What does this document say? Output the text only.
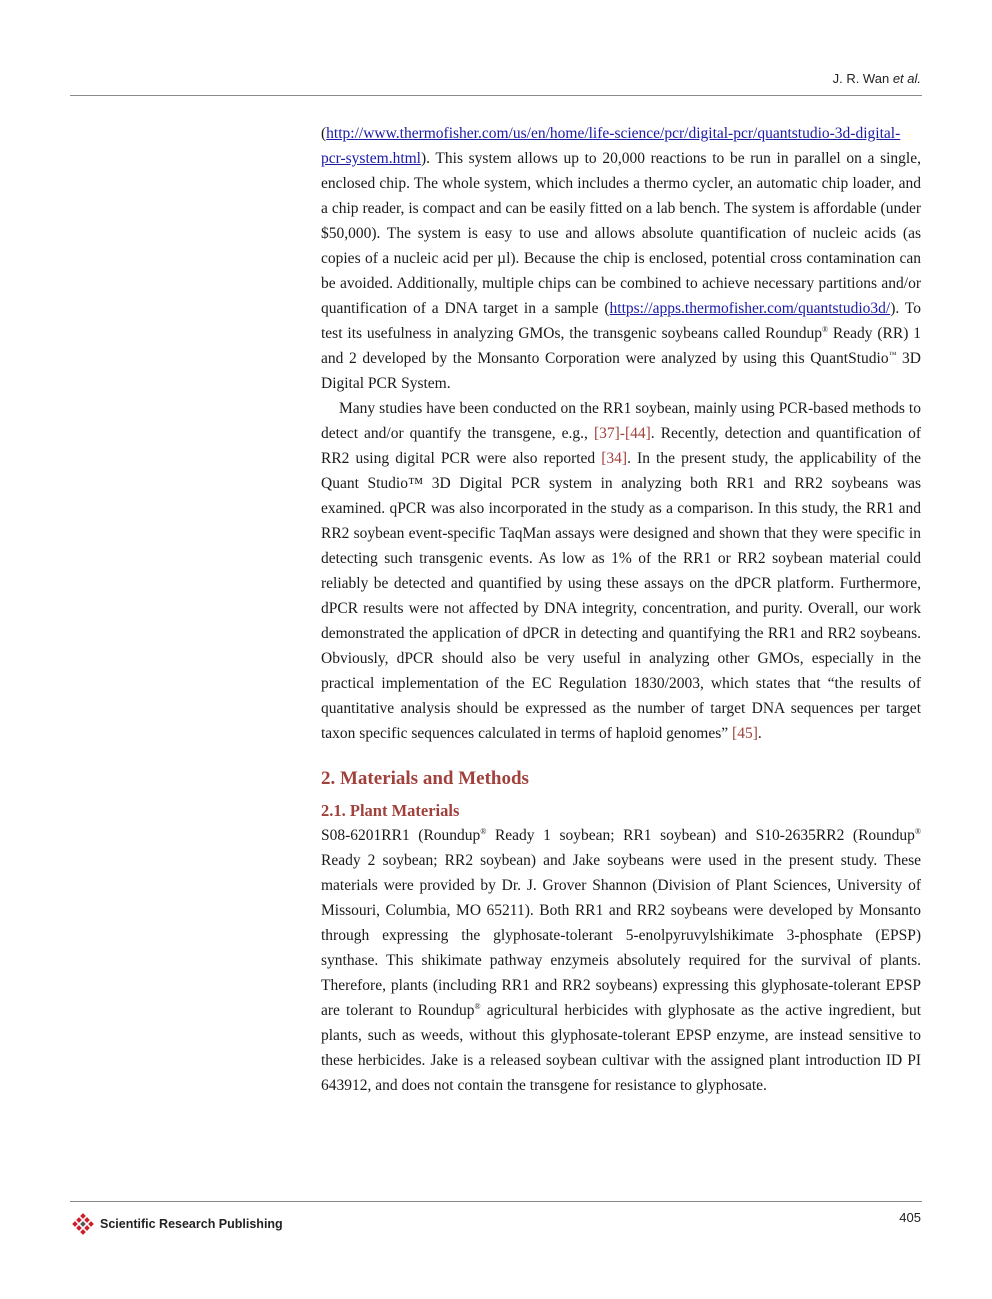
J. R. Wan et al.

(http://www.thermofisher.com/us/en/home/life-science/pcr/digital-pcr/quantstudio-3d-digital-pcr-system.html). This system allows up to 20,000 reactions to be run in parallel on a single, enclosed chip. The whole system, which includes a thermo cycler, an automatic chip loader, and a chip reader, is compact and can be easily fitted on a lab bench. The system is affordable (under $50,000). The system is easy to use and allows absolute quantification of nucleic acids (as copies of a nucleic acid per µl). Because the chip is enclosed, potential cross contamination can be avoided. Additionally, multiple chips can be combined to achieve necessary partitions and/or quantification of a DNA target in a sample (https://apps.thermofisher.com/quantstudio3d/). To test its usefulness in analyzing GMOs, the transgenic soybeans called Roundup® Ready (RR) 1 and 2 developed by the Monsanto Corporation were analyzed by using this QuantStudio™ 3D Digital PCR System.

Many studies have been conducted on the RR1 soybean, mainly using PCR-based methods to detect and/or quantify the transgene, e.g., [37]-[44]. Recently, detection and quantification of RR2 using digital PCR were also reported [34]. In the present study, the applicability of the Quant Studio™ 3D Digital PCR system in analyzing both RR1 and RR2 soybeans was examined. qPCR was also incorporated in the study as a comparison. In this study, the RR1 and RR2 soybean event-specific TaqMan assays were designed and shown that they were specific in detecting such transgenic events. As low as 1% of the RR1 or RR2 soybean material could reliably be detected and quantified by using these assays on the dPCR platform. Furthermore, dPCR results were not affected by DNA integrity, concentration, and purity. Overall, our work demonstrated the application of dPCR in detecting and quantifying the RR1 and RR2 soybeans. Obviously, dPCR should also be very useful in analyzing other GMOs, especially in the practical implementation of the EC Regulation 1830/2003, which states that “the results of quantitative analysis should be expressed as the number of target DNA sequences per target taxon specific sequences calculated in terms of haploid genomes” [45].

2. Materials and Methods
2.1. Plant Materials

S08-6201RR1 (Roundup® Ready 1 soybean; RR1 soybean) and S10-2635RR2 (Roundup® Ready 2 soybean; RR2 soybean) and Jake soybeans were used in the present study. These materials were provided by Dr. J. Grover Shannon (Division of Plant Sciences, University of Missouri, Columbia, MO 65211). Both RR1 and RR2 soybeans were developed by Monsanto through expressing the glyphosate-tolerant 5-enolpyruvylshikimate 3-phosphate (EPSP) synthase. This shikimate pathway enzymeis absolutely required for the survival of plants. Therefore, plants (including RR1 and RR2 soybeans) expressing this glyphosate-tolerant EPSP are tolerant to Roundup® agricultural herbicides with glyphosate as the active ingredient, but plants, such as weeds, without this glyphosate-tolerant EPSP enzyme, are instead sensitive to these herbicides. Jake is a released soybean cultivar with the assigned plant introduction ID PI 643912, and does not contain the transgene for resistance to glyphosate.

Scientific Research Publishing	405
